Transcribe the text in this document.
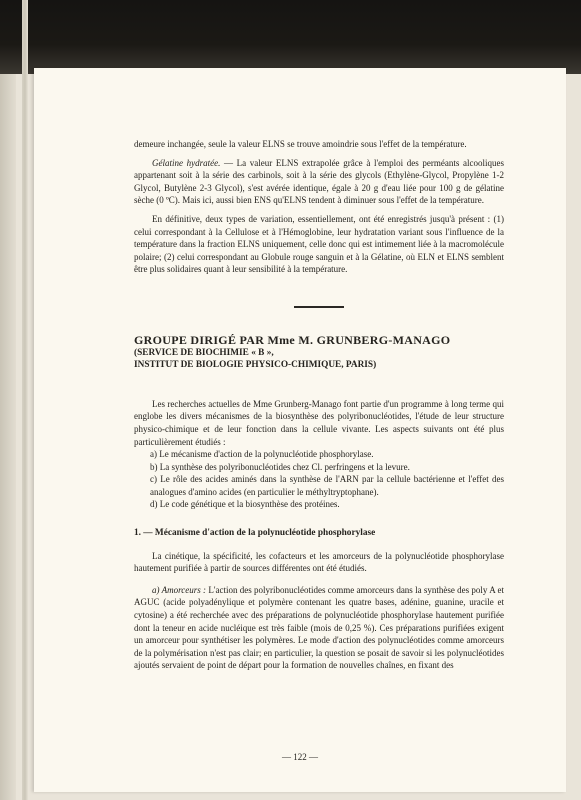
demeure inchangée, seule la valeur ELNS se trouve amoindrie sous l'effet de la température.

Gélatine hydratée. — La valeur ELNS extrapolée grâce à l'emploi des perméants alcooliques appartenant soit à la série des carbinols, soit à la série des glycols (Ethylène-Glycol, Propylène 1-2 Glycol, Butylène 2-3 Glycol), s'est avérée identique, égale à 20 g d'eau liée pour 100 g de gélatine sèche (0 ºC). Mais ici, aussi bien ENS qu'ELNS tendent à diminuer sous l'effet de la température.

En définitive, deux types de variation, essentiellement, ont été enregistrés jusqu'à présent : (1) celui correspondant à la Cellulose et à l'Hémoglobine, leur hydratation variant sous l'influence de la température dans la fraction ELNS uniquement, celle donc qui est intimement liée à la macromolécule polaire; (2) celui correspondant au Globule rouge sanguin et à la Gélatine, où ELN et ELNS semblent être plus solidaires quant à leur sensibilité à la température.

GROUPE DIRIGÉ PAR Mme M. GRUNBERG-MANAGO

(SERVICE DE BIOCHIMIE « B »,

INSTITUT DE BIOLOGIE PHYSICO-CHIMIQUE, PARIS)

Les recherches actuelles de Mme Grunberg-Manago font partie d'un programme à long terme qui englobe les divers mécanismes de la biosynthèse des polyribonucléotides, l'étude de leur structure physico-chimique et de leur fonction dans la cellule vivante. Les aspects suivants ont été plus particulièrement étudiés :

a) Le mécanisme d'action de la polynucléotide phosphorylase.

b) La synthèse des polyribonucléotides chez Cl. perfringens et la levure.

c) Le rôle des acides aminés dans la synthèse de l'ARN par la cellule bactérienne et l'effet des analogues d'amino acides (en particulier le méthyltryptophane).

d) Le code génétique et la biosynthèse des protéines.

1. — Mécanisme d'action de la polynucléotide phosphorylase

La cinétique, la spécificité, les cofacteurs et les amorceurs de la polynucléotide phosphorylase hautement purifiée à partir de sources différentes ont été étudiés.

a) Amorceurs : L'action des polyribonucléotides comme amorceurs dans la synthèse des poly A et AGUC (acide polyadénylique et polymère contenant les quatre bases, adénine, guanine, uracile et cytosine) a été recherchée avec des préparations de polynucléotide phosphorylase hautement purifiée dont la teneur en acide nucléique est très faible (mois de 0,25 %). Ces préparations purifiées exigent un amorceur pour synthétiser les polymères. Le mode d'action des polynucléotides comme amorceurs de la polymérisation n'est pas clair; en particulier, la question se posait de savoir si les polynucléotides ajoutés servaient de point de départ pour la formation de nouvelles chaînes, en fixant des

— 122 —
